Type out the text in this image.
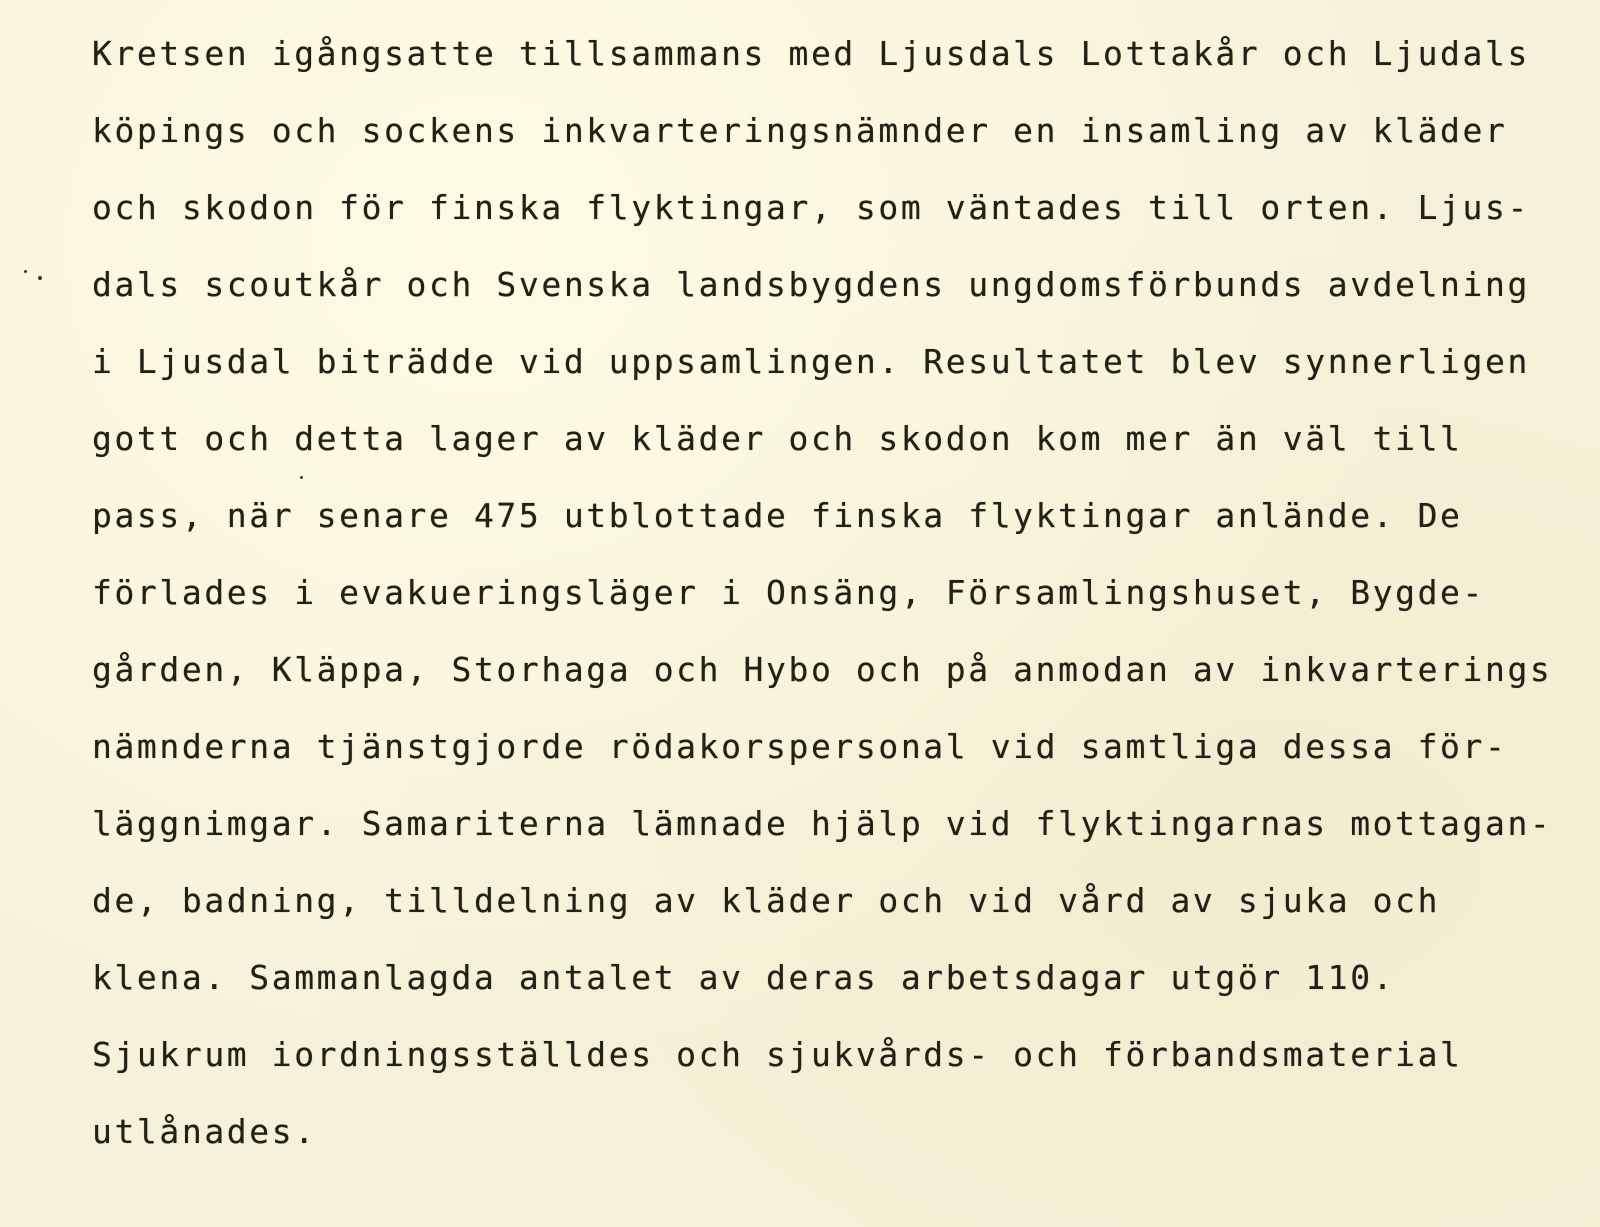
Kretsen igångsatte tillsammans med Ljusdals Lottakår och Ljudals
köpings och sockens inkvarteringsnämnder en insamling av kläder
och skodon för finska flyktingar, som väntades till orten. Ljus-
dals scoutkår och Svenska landsbygdens ungdomsförbunds avdelning
i Ljusdal biträdde vid uppsamlingen. Resultatet blev synnerligen
gott och detta lager av kläder och skodon kom mer än väl till
pass, när senare 475 utblottade finska flyktingar anlände. De
förlades i evakueringsläger i Onsäng, Församlingshuset, Bygde-
gården, Kläppa, Storhaga och Hybo och på anmodan av inkvarterings
nämnderna tjänstgjorde rödakorspersonal vid samtliga dessa för-
läggnimgar. Samariterna lämnade hjälp vid flyktingarnas mottagan-
de, badning, tilldelning av kläder och vid vård av sjuka och
klena. Sammanlagda antalet av deras arbetsdagar utgör 110.
Sjukrum iordningsställdes och sjukvårds- och förbandsmaterial
utlånades.
